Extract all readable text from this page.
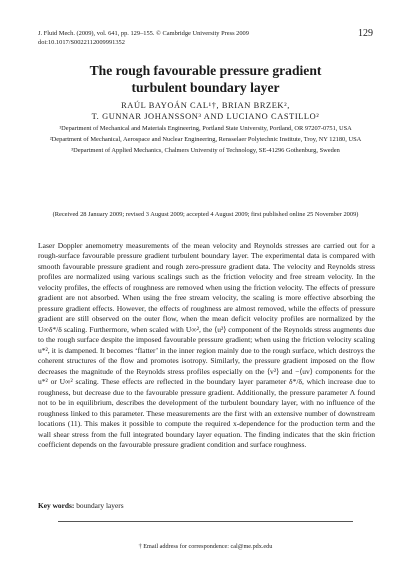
J. Fluid Mech. (2009), vol. 641, pp. 129–155. © Cambridge University Press 2009
doi:10.1017/S0022112009991352
129
The rough favourable pressure gradient
turbulent boundary layer
RAÚL BAYOÁN CAL¹†, BRIAN BRZEK²,
T. GUNNAR JOHANSSON³ AND LUCIANO CASTILLO²
¹Department of Mechanical and Materials Engineering, Portland State University, Portland, OR 97207-0751, USA
²Department of Mechanical, Aerospace and Nuclear Engineering, Rensselaer Polytechnic Institute, Troy, NY 12180, USA
³Department of Applied Mechanics, Chalmers University of Technology, SE-41296 Gothenburg, Sweden
(Received 28 January 2009; revised 3 August 2009; accepted 4 August 2009; first published online 25 November 2009)
Laser Doppler anemometry measurements of the mean velocity and Reynolds stresses are carried out for a rough-surface favourable pressure gradient turbulent boundary layer. The experimental data is compared with smooth favourable pressure gradient and rough zero-pressure gradient data. The velocity and Reynolds stress profiles are normalized using various scalings such as the friction velocity and free stream velocity. In the velocity profiles, the effects of roughness are removed when using the friction velocity. The effects of pressure gradient are not absorbed. When using the free stream velocity, the scaling is more effective absorbing the pressure gradient effects. However, the effects of roughness are almost removed, while the effects of pressure gradient are still observed on the outer flow, when the mean deficit velocity profiles are normalized by the U∞δ*/δ scaling. Furthermore, when scaled with U∞², the ⟨u²⟩ component of the Reynolds stress augments due to the rough surface despite the imposed favourable pressure gradient; when using the friction velocity scaling u*², it is dampened. It becomes ‘flatter’ in the inner region mainly due to the rough surface, which destroys the coherent structures of the flow and promotes isotropy. Similarly, the pressure gradient imposed on the flow decreases the magnitude of the Reynolds stress profiles especially on the ⟨v²⟩ and −⟨uv⟩ components for the u*² or U∞² scaling. These effects are reflected in the boundary layer parameter δ*/δ, which increase due to roughness, but decrease due to the favourable pressure gradient. Additionally, the pressure parameter Λ found not to be in equilibrium, describes the development of the turbulent boundary layer, with no influence of the roughness linked to this parameter. These measurements are the first with an extensive number of downstream locations (11). This makes it possible to compute the required x-dependence for the production term and the wall shear stress from the full integrated boundary layer equation. The finding indicates that the skin friction coefficient depends on the favourable pressure gradient condition and surface roughness.
Key words: boundary layers
† Email address for correspondence: cal@me.pdx.edu
